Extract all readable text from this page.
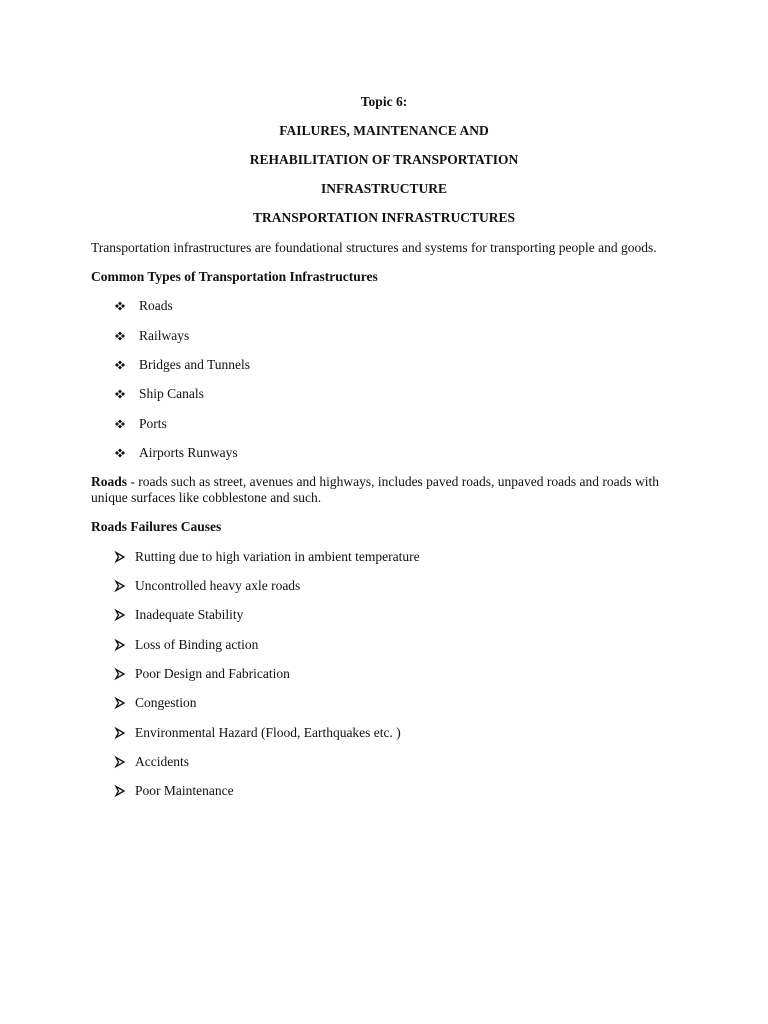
Topic 6:
FAILURES, MAINTENANCE AND
REHABILITATION OF TRANSPORTATION
INFRASTRUCTURE
TRANSPORTATION INFRASTRUCTURES
Transportation infrastructures are foundational structures and systems for transporting people and goods.
Common Types of Transportation Infrastructures
Roads
Railways
Bridges and Tunnels
Ship Canals
Ports
Airports Runways
Roads - roads such as street, avenues and highways, includes paved roads, unpaved roads and roads with
unique surfaces like cobblestone and such.
Roads Failures Causes
Rutting due to high variation in ambient temperature
Uncontrolled heavy axle roads
Inadequate Stability
Loss of Binding action
Poor Design and Fabrication
Congestion
Environmental Hazard (Flood, Earthquakes etc. )
Accidents
Poor Maintenance
